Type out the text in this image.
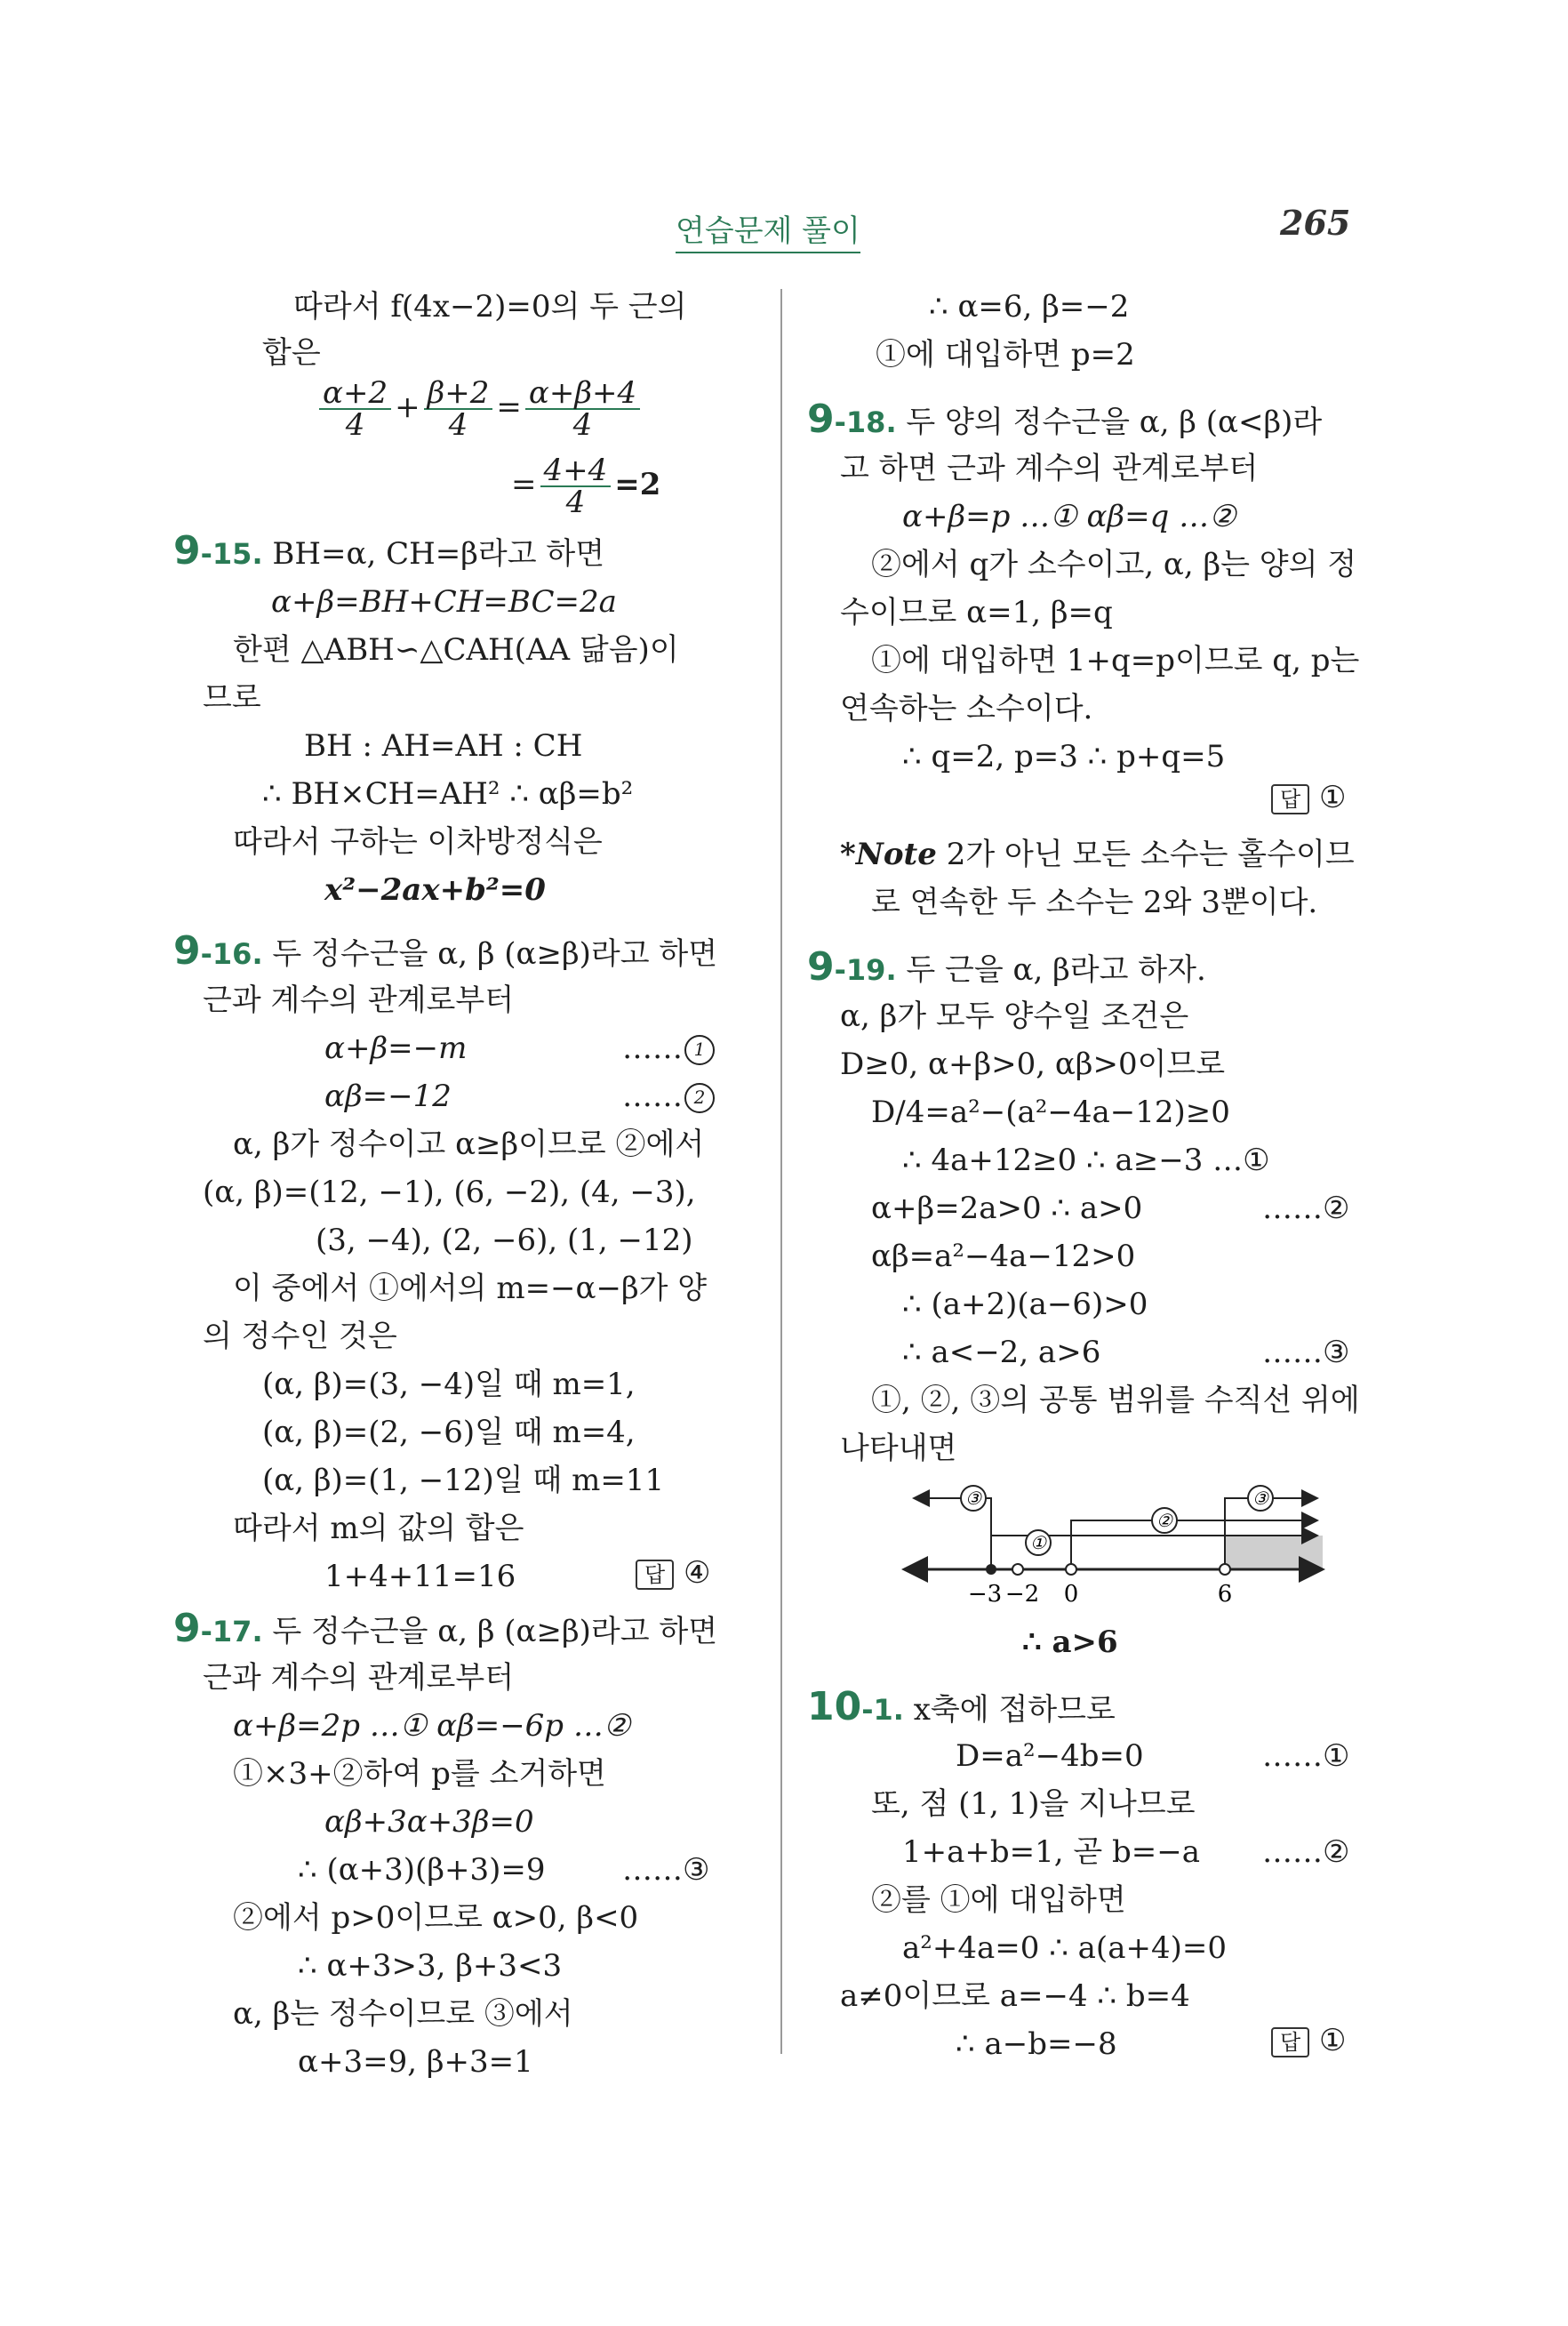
연습문제 풀이	265
따라서 f(4x−2)=0의 두 근의
합은
$\frac{\alpha+2}{4} + \frac{\beta+2}{4} = \frac{\alpha+\beta+4}{4}$
= $\frac{4+4}{4} =2$
9-15. BH=α, CH=β라고 하면
α+β=BH+CH=BC=2a
한편 △ABH∽△CAH(AA 닮음)이
므로
BH : AH=AH : CH
∴ BH×CH=AH² ∴ αβ=b²
따라서 구하는 이차방정식은
x²−2ax+b²=0
9-16. 두 정수근을 α, β (α≥β)라고 하면
근과 계수의 관계로부터
α+β=−m	…… 1
αβ=−12	…… 2
α, β가 정수이고 α≥β이므로 ②에서
(α, β)=(12, −1), (6, −2), (4, −3),
(3, −4), (2, −6), (1, −12)
이 중에서 ①에서의 m=−α−β가 양
의 정수인 것은
(α, β)=(3, −4)일 때 m=1,
(α, β)=(2, −6)일 때 m=4,
(α, β)=(1, −12)일 때 m=11
따라서 m의 값의 합은
1+4+11=16	답 ④
9-17. 두 정수근을 α, β (α≥β)라고 하면
근과 계수의 관계로부터
α+β=2p …① αβ=−6p …②
①×3+②하여 p를 소거하면
αβ+3α+3β=0
∴ (α+3)(β+3)=9	……③
②에서 p>0이므로 α>0, β<0
∴ α+3>3, β+3<3
α, β는 정수이므로 ③에서
α+3=9, β+3=1
∴ α=6, β=−2
①에 대입하면 p=2
9-18. 두 양의 정수근을 α, β (α<β)라
고 하면 근과 계수의 관계로부터
α+β=p …① αβ=q …②
②에서 q가 소수이고, α, β는 양의 정
수이므로 α=1, β=q
①에 대입하면 1+q=p이므로 q, p는
연속하는 소수이다.
∴ q=2, p=3 ∴ p+q=5
답 ①
*Note 2가 아닌 모든 소수는 홀수이므
로 연속한 두 소수는 2와 3뿐이다.
9-19. 두 근을 α, β라고 하자.
α, β가 모두 양수일 조건은
D≥0, α+β>0, αβ>0이므로
D/4=a²−(a²−4a−12)≥0
∴ 4a+12≥0 ∴ a≥−3 …①
α+β=2a>0 ∴ a>0	……②
αβ=a²−4a−12>0
∴ (a+2)(a−6)>0
∴ a<−2, a>6	……③
①, ②, ③의 공통 범위를 수직선 위에
나타내면
③
①
②
③
−3 −2 0	6
∴ a>6
10-1. x축에 접하므로
D=a²−4b=0	……①
또, 점 (1, 1)을 지나므로
1+a+b=1, 곧 b=−a ……②
②를 ①에 대입하면
a²+4a=0 ∴ a(a+4)=0
a≠0이므로 a=−4 ∴ b=4
∴ a−b=−8	답 ①
